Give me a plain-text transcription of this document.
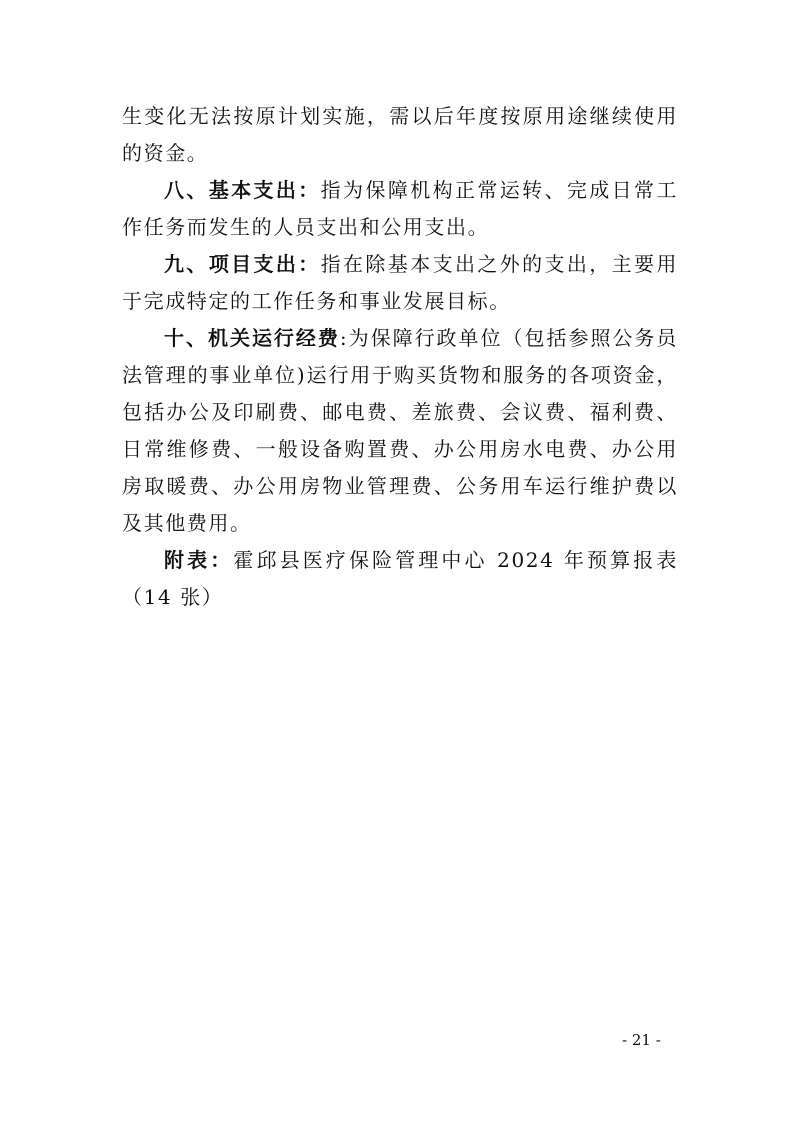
生变化无法按原计划实施，需以后年度按原用途继续使用的资金。

八、基本支出：指为保障机构正常运转、完成日常工作任务而发生的人员支出和公用支出。

九、项目支出：指在除基本支出之外的支出，主要用于完成特定的工作任务和事业发展目标。

十、机关运行经费:为保障行政单位（包括参照公务员法管理的事业单位)运行用于购买货物和服务的各项资金，包括办公及印刷费、邮电费、差旅费、会议费、福利费、日常维修费、一般设备购置费、办公用房水电费、办公用房取暖费、办公用房物业管理费、公务用车运行维护费以及其他费用。

附表：霍邱县医疗保险管理中心 2024 年预算报表（14 张）

- 21 -
